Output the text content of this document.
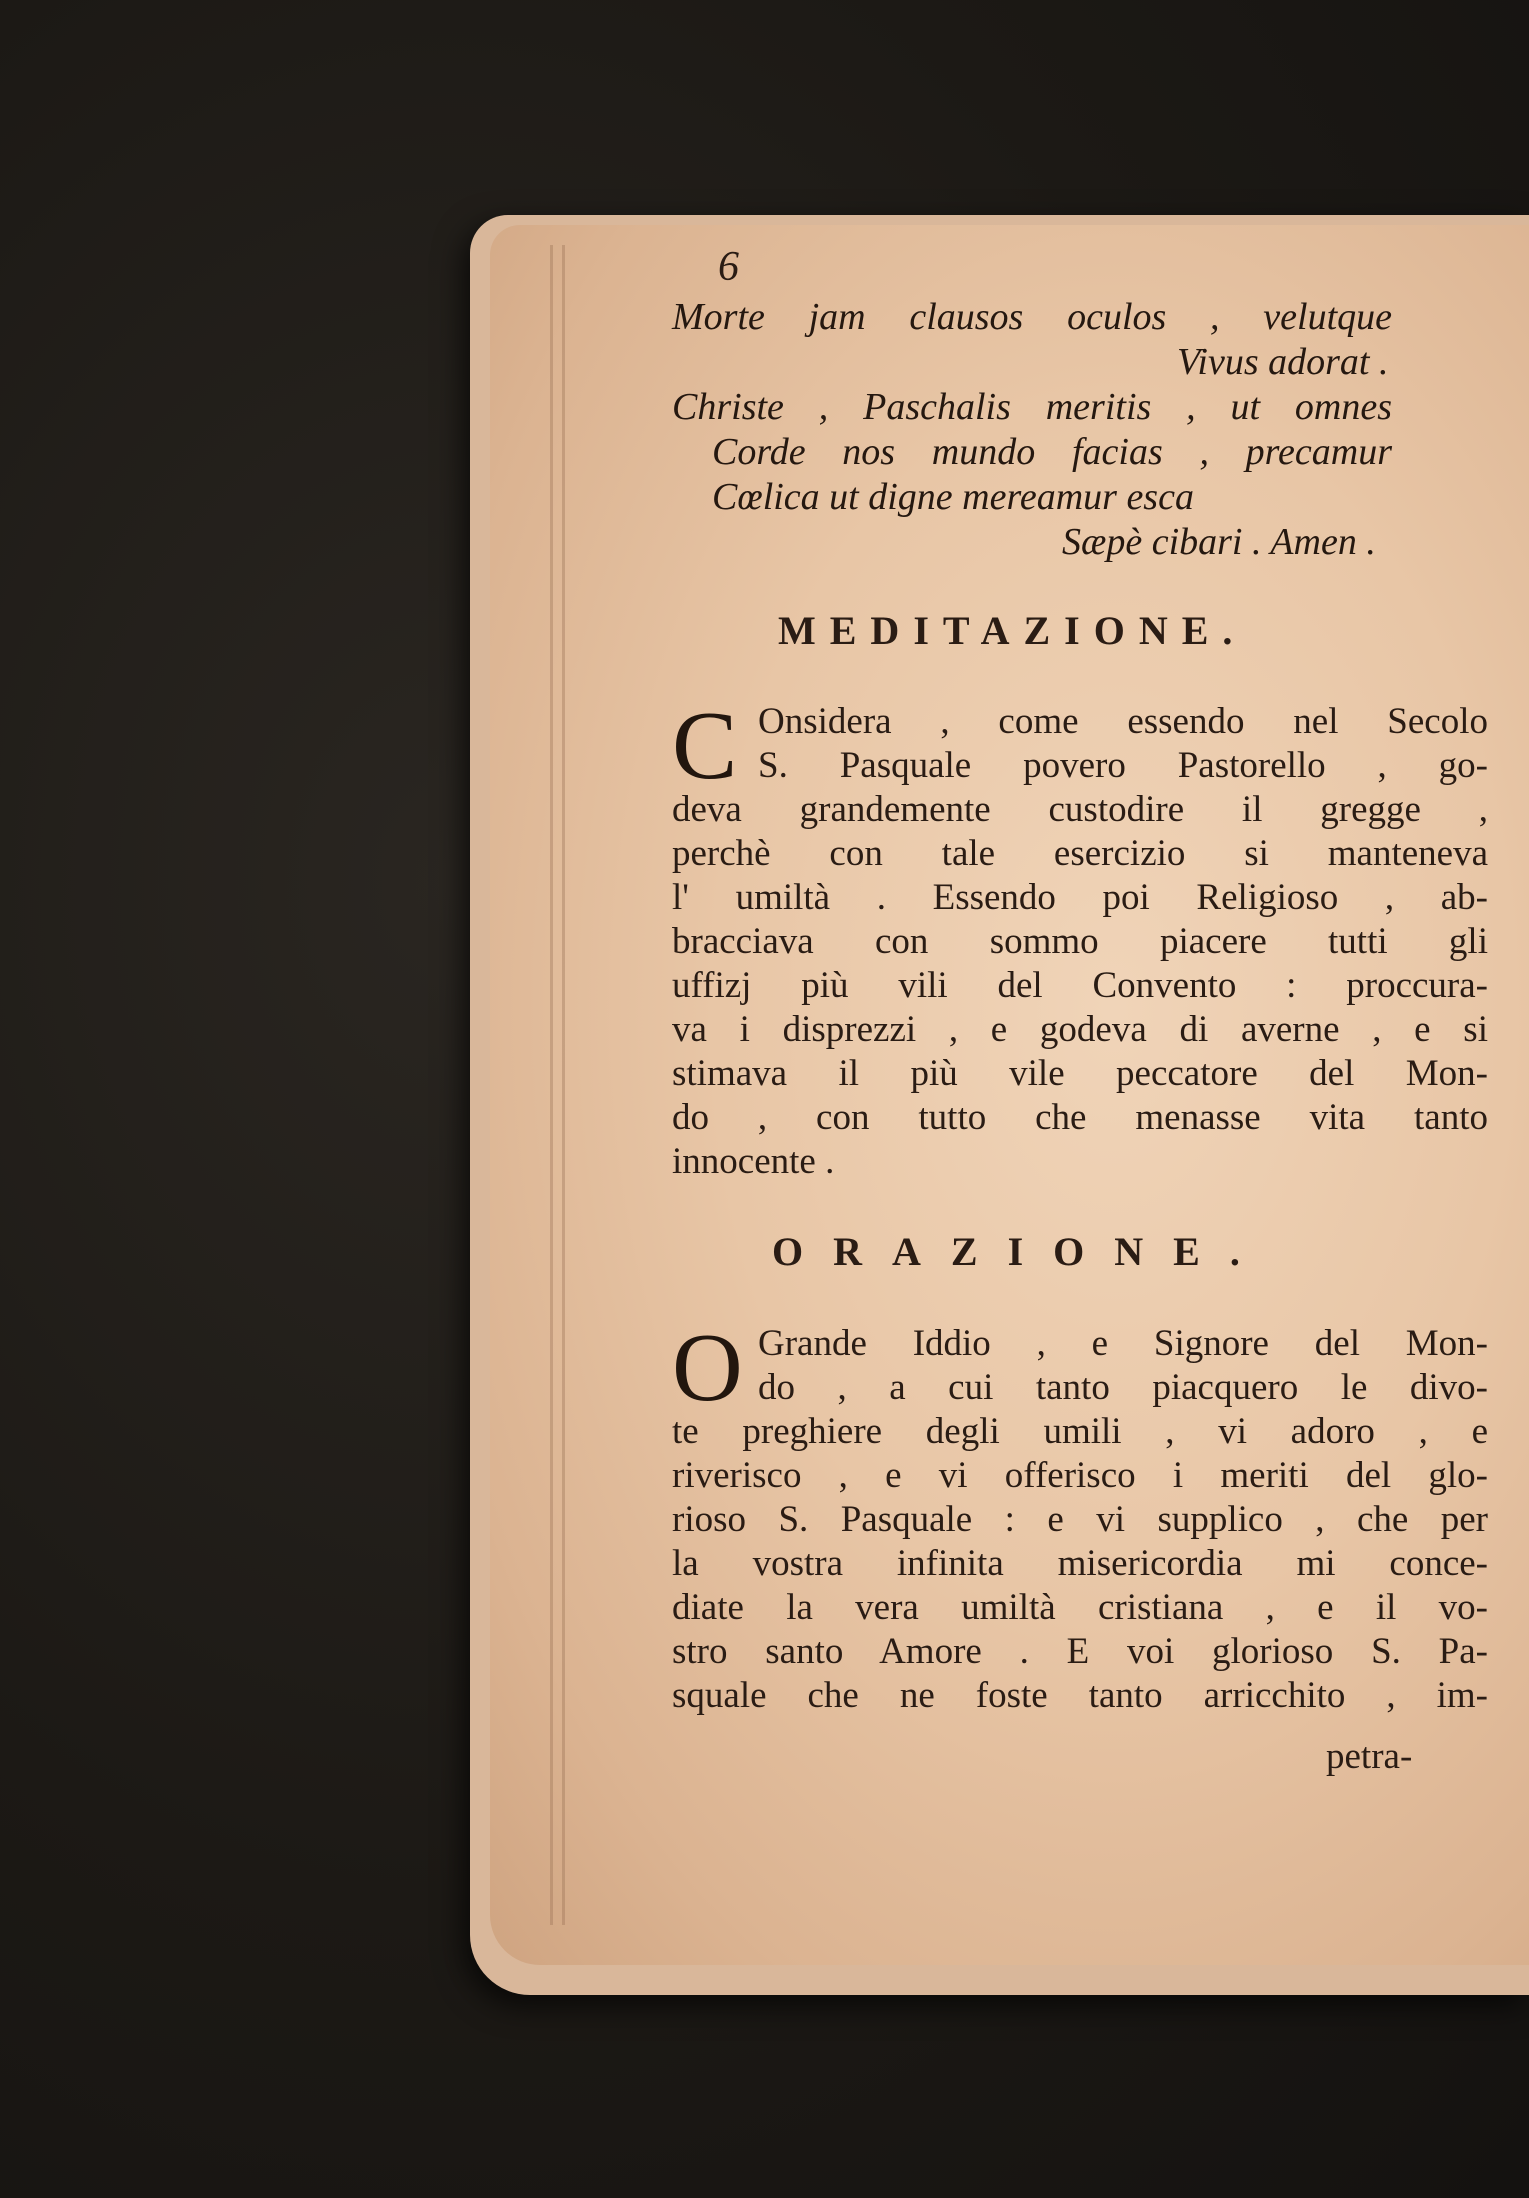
6
Morte jam clausos oculos , velutque
Vivus adorat .
Christe , Paschalis meritis , ut omnes
Corde nos mundo facias , precamur
Cœlica ut digne mereamur esca
Sæpè cibari . Amen .
MEDITAZIONE.
C Onsidera , come essendo nel Secolo
S. Pasquale povero Pastorello , go-
deva grandemente custodire il gregge ,
perchè con tale esercizio si manteneva
l' umiltà . Essendo poi Religioso , ab-
bracciava con sommo piacere tutti gli
uffizj più vili del Convento : proccura-
va i disprezzi , e godeva di averne , e si
stimava il più vile peccatore del Mon-
do , con tutto che menasse vita tanto
innocente .
ORAZIONE.
O Grande Iddio , e Signore del Mon-
do , a cui tanto piacquero le divo-
te preghiere degli umili , vi adoro , e
riverisco , e vi offerisco i meriti del glo-
rioso S. Pasquale : e vi supplico , che per
la vostra infinita misericordia mi conce-
diate la vera umiltà cristiana , e il vo-
stro santo Amore . E voi glorioso S. Pa-
squale che ne foste tanto arricchito , im-
petra-
